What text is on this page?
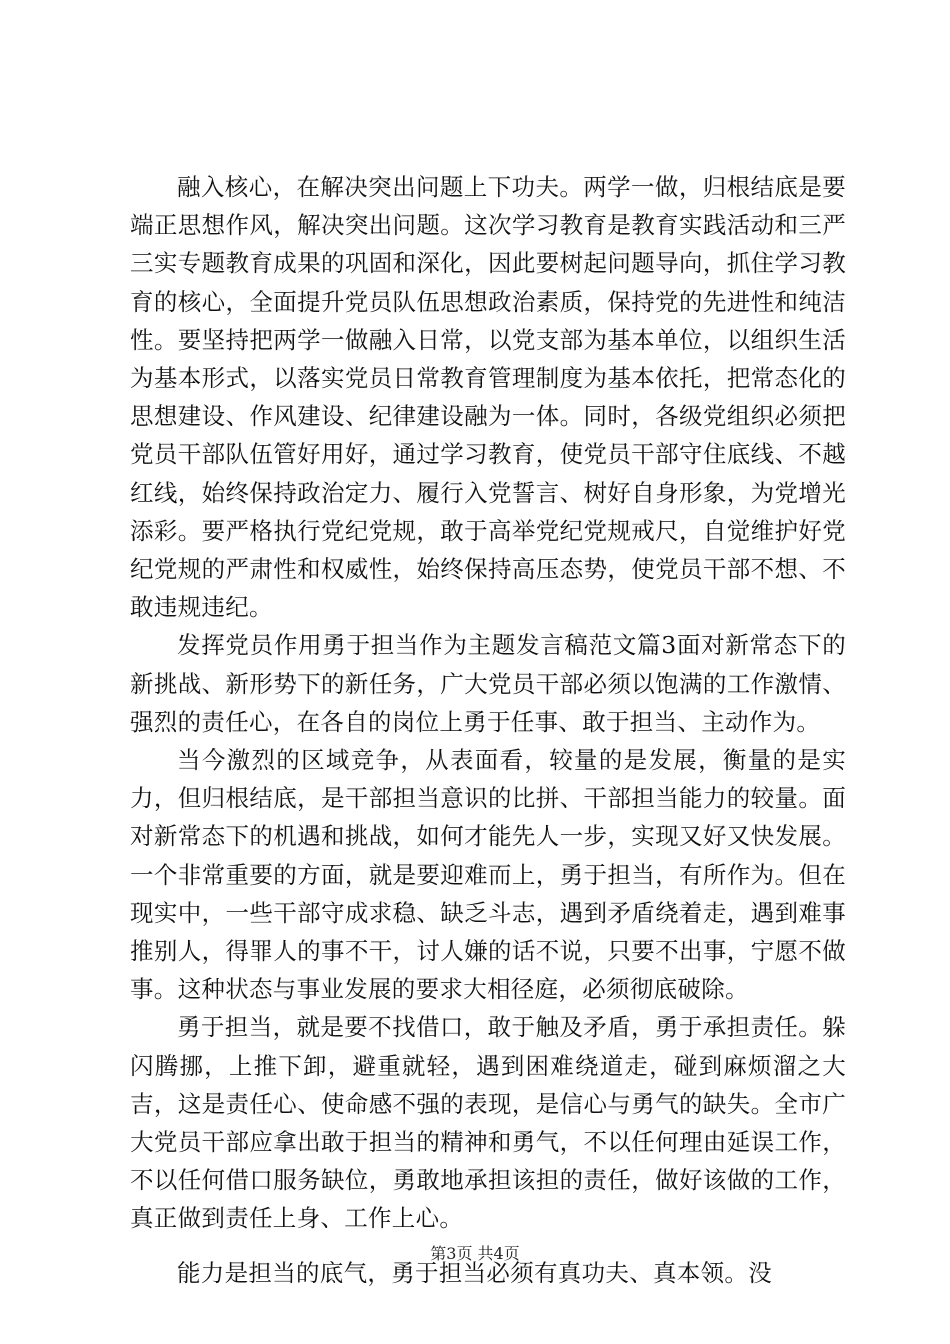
融入核心，在解决突出问题上下功夫。两学一做，归根结底是要端正思想作风，解决突出问题。这次学习教育是教育实践活动和三严三实专题教育成果的巩固和深化，因此要树起问题导向，抓住学习教育的核心，全面提升党员队伍思想政治素质，保持党的先进性和纯洁性。要坚持把两学一做融入日常，以党支部为基本单位，以组织生活为基本形式，以落实党员日常教育管理制度为基本依托，把常态化的思想建设、作风建设、纪律建设融为一体。同时，各级党组织必须把党员干部队伍管好用好，通过学习教育，使党员干部守住底线、不越红线，始终保持政治定力、履行入党誓言、树好自身形象，为党增光添彩。要严格执行党纪党规，敢于高举党纪党规戒尺，自觉维护好党纪党规的严肃性和权威性，始终保持高压态势，使党员干部不想、不敢违规违纪。

发挥党员作用勇于担当作为主题发言稿范文篇3面对新常态下的新挑战、新形势下的新任务，广大党员干部必须以饱满的工作激情、强烈的责任心，在各自的岗位上勇于任事、敢于担当、主动作为。

当今激烈的区域竞争，从表面看，较量的是发展，衡量的是实力，但归根结底，是干部担当意识的比拼、干部担当能力的较量。面对新常态下的机遇和挑战，如何才能先人一步，实现又好又快发展。一个非常重要的方面，就是要迎难而上，勇于担当，有所作为。但在现实中，一些干部守成求稳、缺乏斗志，遇到矛盾绕着走，遇到难事推别人，得罪人的事不干，讨人嫌的话不说，只要不出事，宁愿不做事。这种状态与事业发展的要求大相径庭，必须彻底破除。

勇于担当，就是要不找借口，敢于触及矛盾，勇于承担责任。躲闪腾挪，上推下卸，避重就轻，遇到困难绕道走，碰到麻烦溜之大吉，这是责任心、使命感不强的表现，是信心与勇气的缺失。全市广大党员干部应拿出敢于担当的精神和勇气，不以任何理由延误工作，不以任何借口服务缺位，勇敢地承担该担的责任，做好该做的工作，真正做到责任上身、工作上心。

能力是担当的底气，勇于担当必须有真功夫、真本领。没

第3页 共4页
